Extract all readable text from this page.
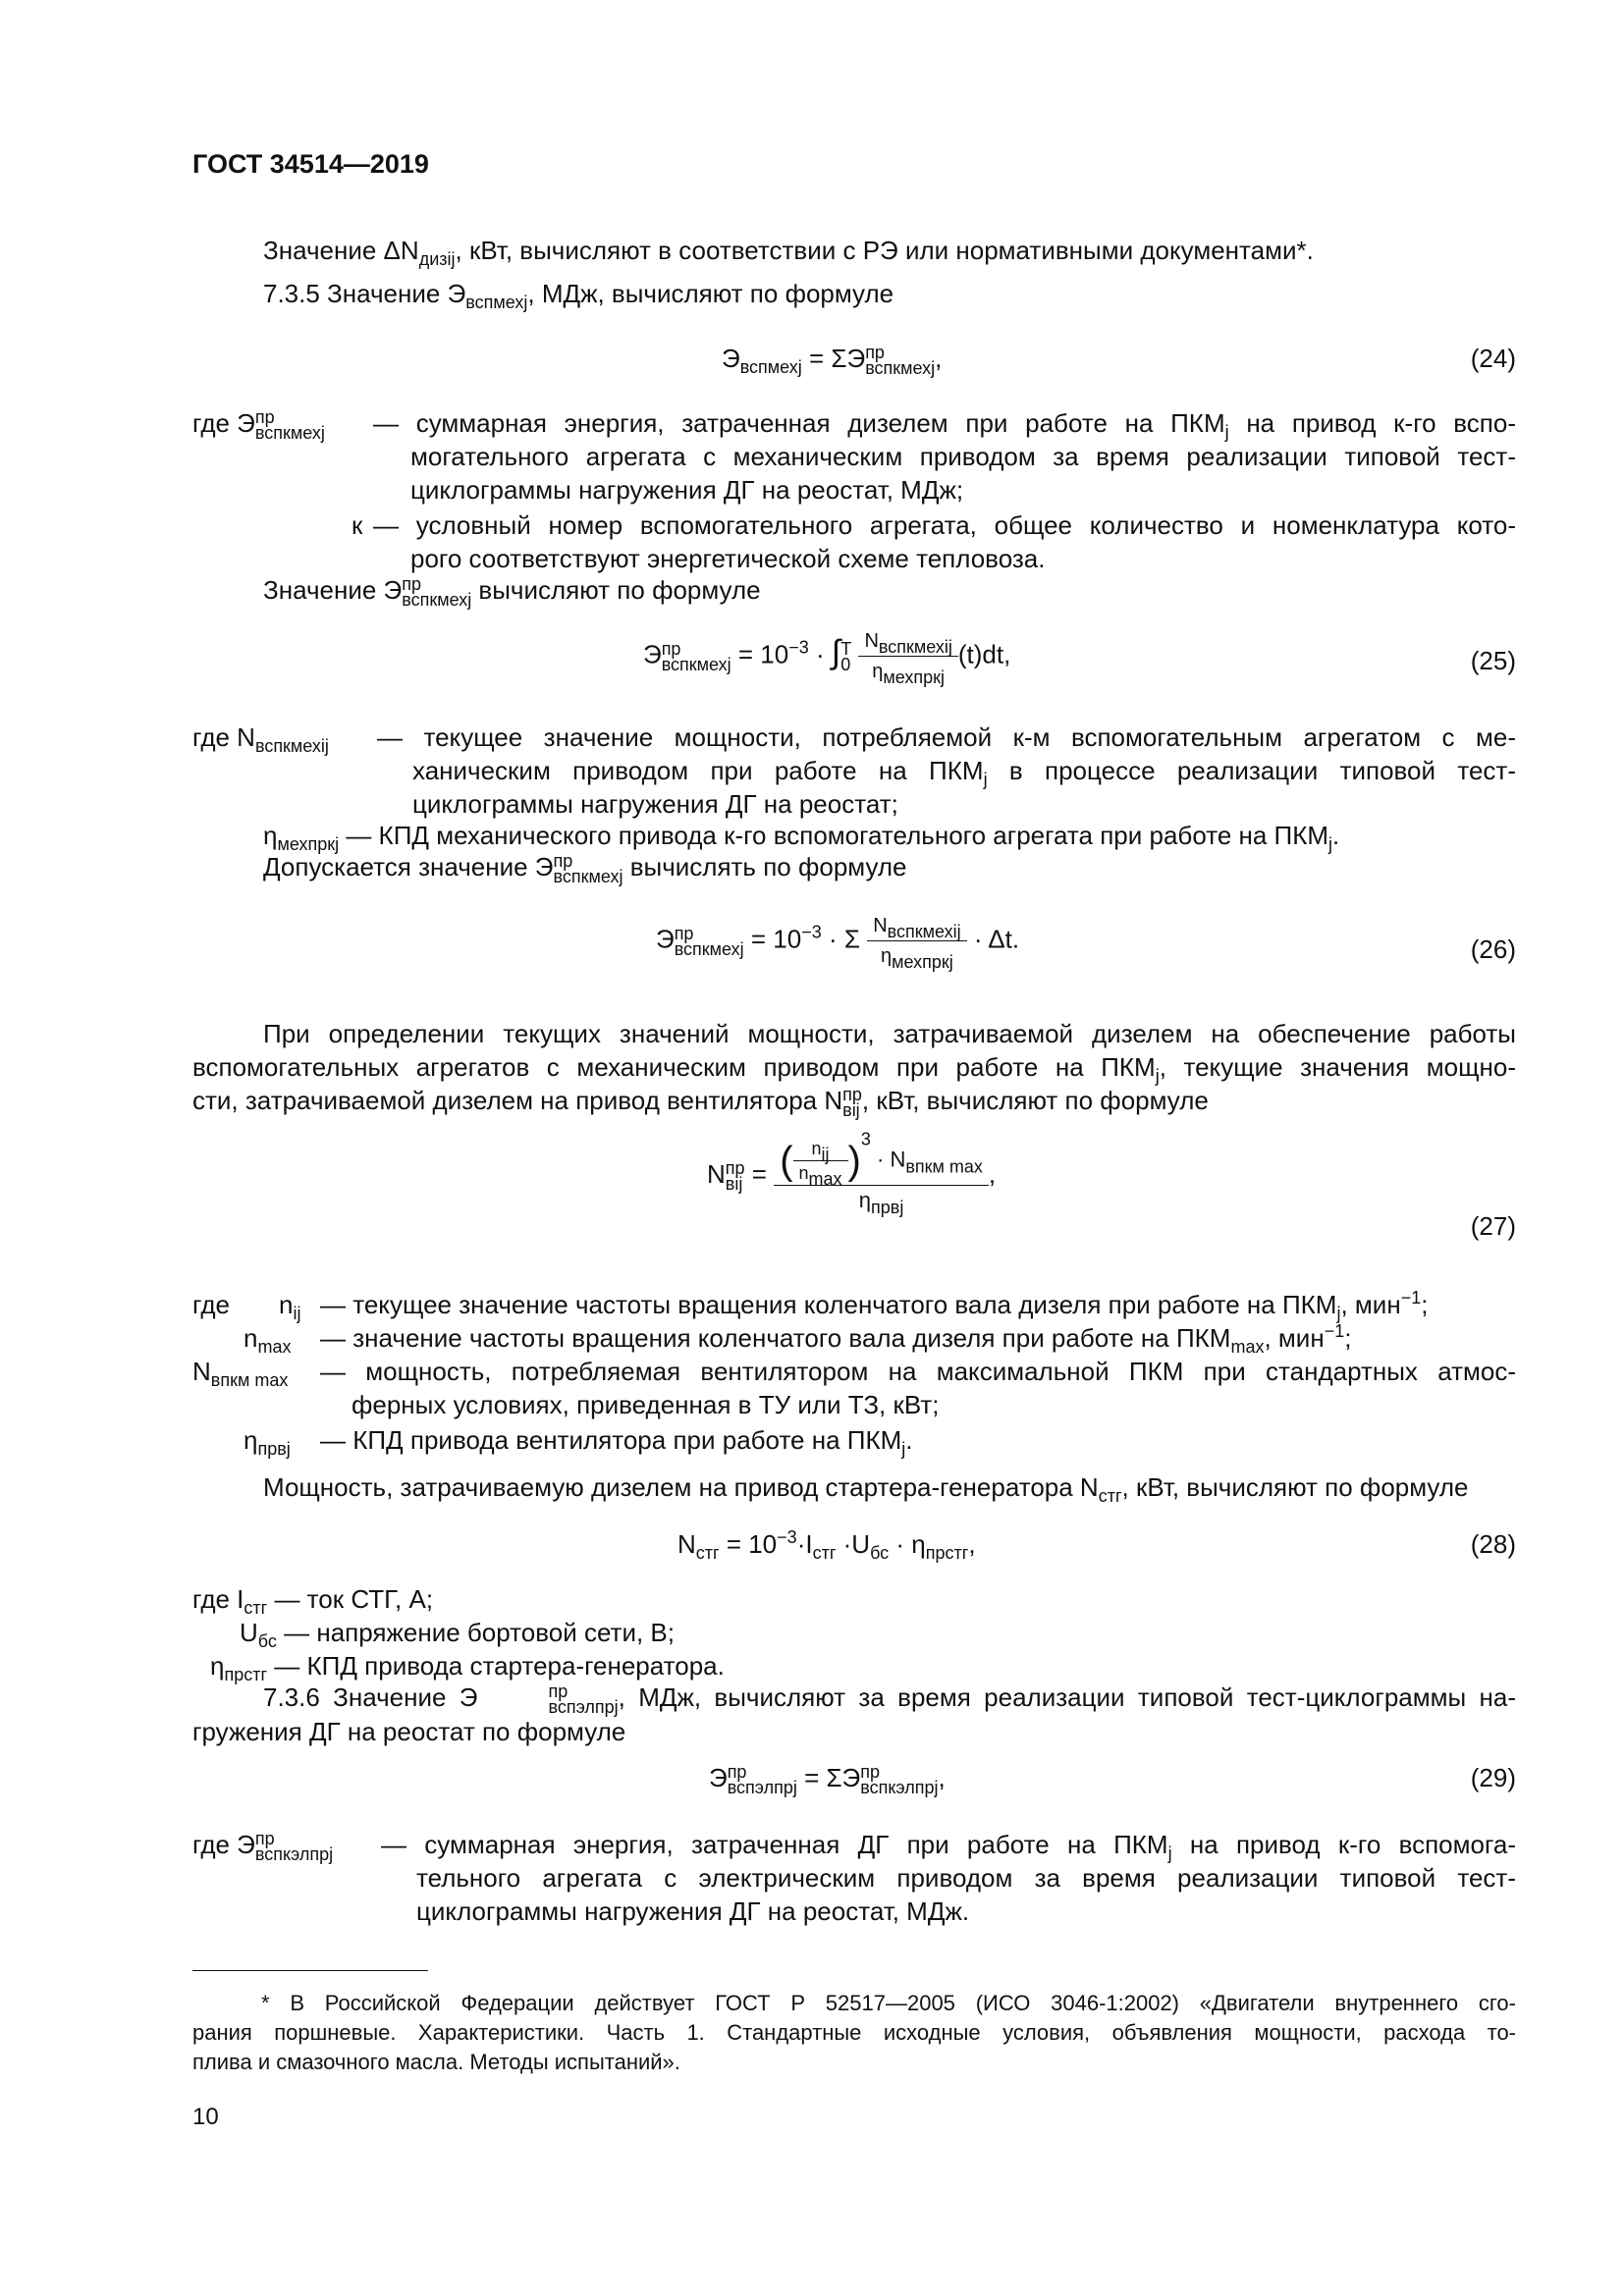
ГОСТ 34514—2019
Значение $\Delta N_{дизij}$, кВт, вычисляют в соответствии с РЭ или нормативными документами*.
7.3.5 Значение $Э_{вспмехj}$, МДж, вычисляют по формуле
$Э_{вспмехj} = \Sigma Э$ пр
вспкмехj ,	(24)
где Э пр
вспкмехj — суммарная энергия, затраченная дизелем при работе на $ПКМ_j$ на привод к-го вспо-
могательного агрегата с механическим приводом за время реализации типовой тест-
циклограммы нагружения ДГ на реостат, МДж;
к — условный номер вспомогательного агрегата, общее количество и номенклатура кото-
рого соответствуют энергетической схеме тепловоза.
Значение Э пр
вспкмехj вычисляют по формуле
Э пр
вспкмехj = $10^{-3}$ · ∫ T
0
$\frac{N_{вспкмехij}}{\eta_{мехпркj}} (t)dt$,	(25)
где $N_{вспкмехij}$ — текущее значение мощности, потребляемой к-м вспомогательным агрегатом с ме-
ханическим приводом при работе на $ПКМ_j$ в процессе реализации типовой тест-
циклограммы нагружения ДГ на реостат;
$\eta_{мехпркj}$ — КПД механического привода к-го вспомогательного агрегата при работе на $ПКМ_j$.
Допускается значение Э пр
вспкмехj вычислять по формуле
Э пр
вспкмехj = $10^{-3} \cdot \Sigma \frac{N_{вспкмехij}}{\eta_{мехпркj}} \cdot \Delta t$.	(26)
При определении текущих значений мощности, затрачиваемой дизелем на обеспечение работы
вспомогательных агрегатов с механическим приводом при работе на $ПКМ_j$, текущие значения мощно-
сти, затрачиваемой дизелем на привод вентилятора N пр
вij , кВт, вычисляют по формуле
N пр
вij = $\frac{( \frac{n_{ij}}{n_{max}} )^3 \cdot N_{впкм max}}{\eta_{првj}}$ ,
(27)
где $n_{ij}$ — текущее значение частоты вращения коленчатого вала дизеля при работе на $ПКМ_j$, мин$^{-1}$;
$n_{max}$ — значение частоты вращения коленчатого вала дизеля при работе на $ПКМ_{max}$, мин$^{-1}$;
$N_{впкм max}$ — мощность, потребляемая вентилятором на максимальной ПКМ при стандартных атмос-
ферных условиях, приведенная в ТУ или ТЗ, кВт;
$\eta_{првj}$ — КПД привода вентилятора при работе на $ПКМ_j$.
Мощность, затрачиваемую дизелем на привод стартера-генератора $N_{стг}$, кВт, вычисляют по формуле
$N_{стг} = 10^{-3}\cdot I_{стг} \cdot U_{бс} \cdot \eta_{прстг}$,	(28)
где $I_{стг}$ — ток СТГ, А;
$U_{бс}$ — напряжение бортовой сети, В;
$\eta_{прстг}$ — КПД привода стартера-генератора.
7.3.6 Значение Э	пр
вспэлпрj , МДж, вычисляют за время реализации типовой тест-циклограммы на-
гружения ДГ на реостат по формуле
Э пр
вспэлпрj = ΣЭ пр
вспкэлпрj ,	(29)
где Э пр
вспкэлпрj — суммарная энергия, затраченная ДГ при работе на $ПКМ_j$ на привод к-го вспомога-
тельного агрегата с электрическим приводом за время реализации типовой тест-
циклограммы нагружения ДГ на реостат, МДж.
* В Российской Федерации действует ГОСТ Р 52517—2005 (ИСО 3046-1:2002) «Двигатели внутреннего сго-
рания поршневые. Характеристики. Часть 1. Стандартные исходные условия, объявления мощности, расхода то-
плива и смазочного масла. Методы испытаний».
10
